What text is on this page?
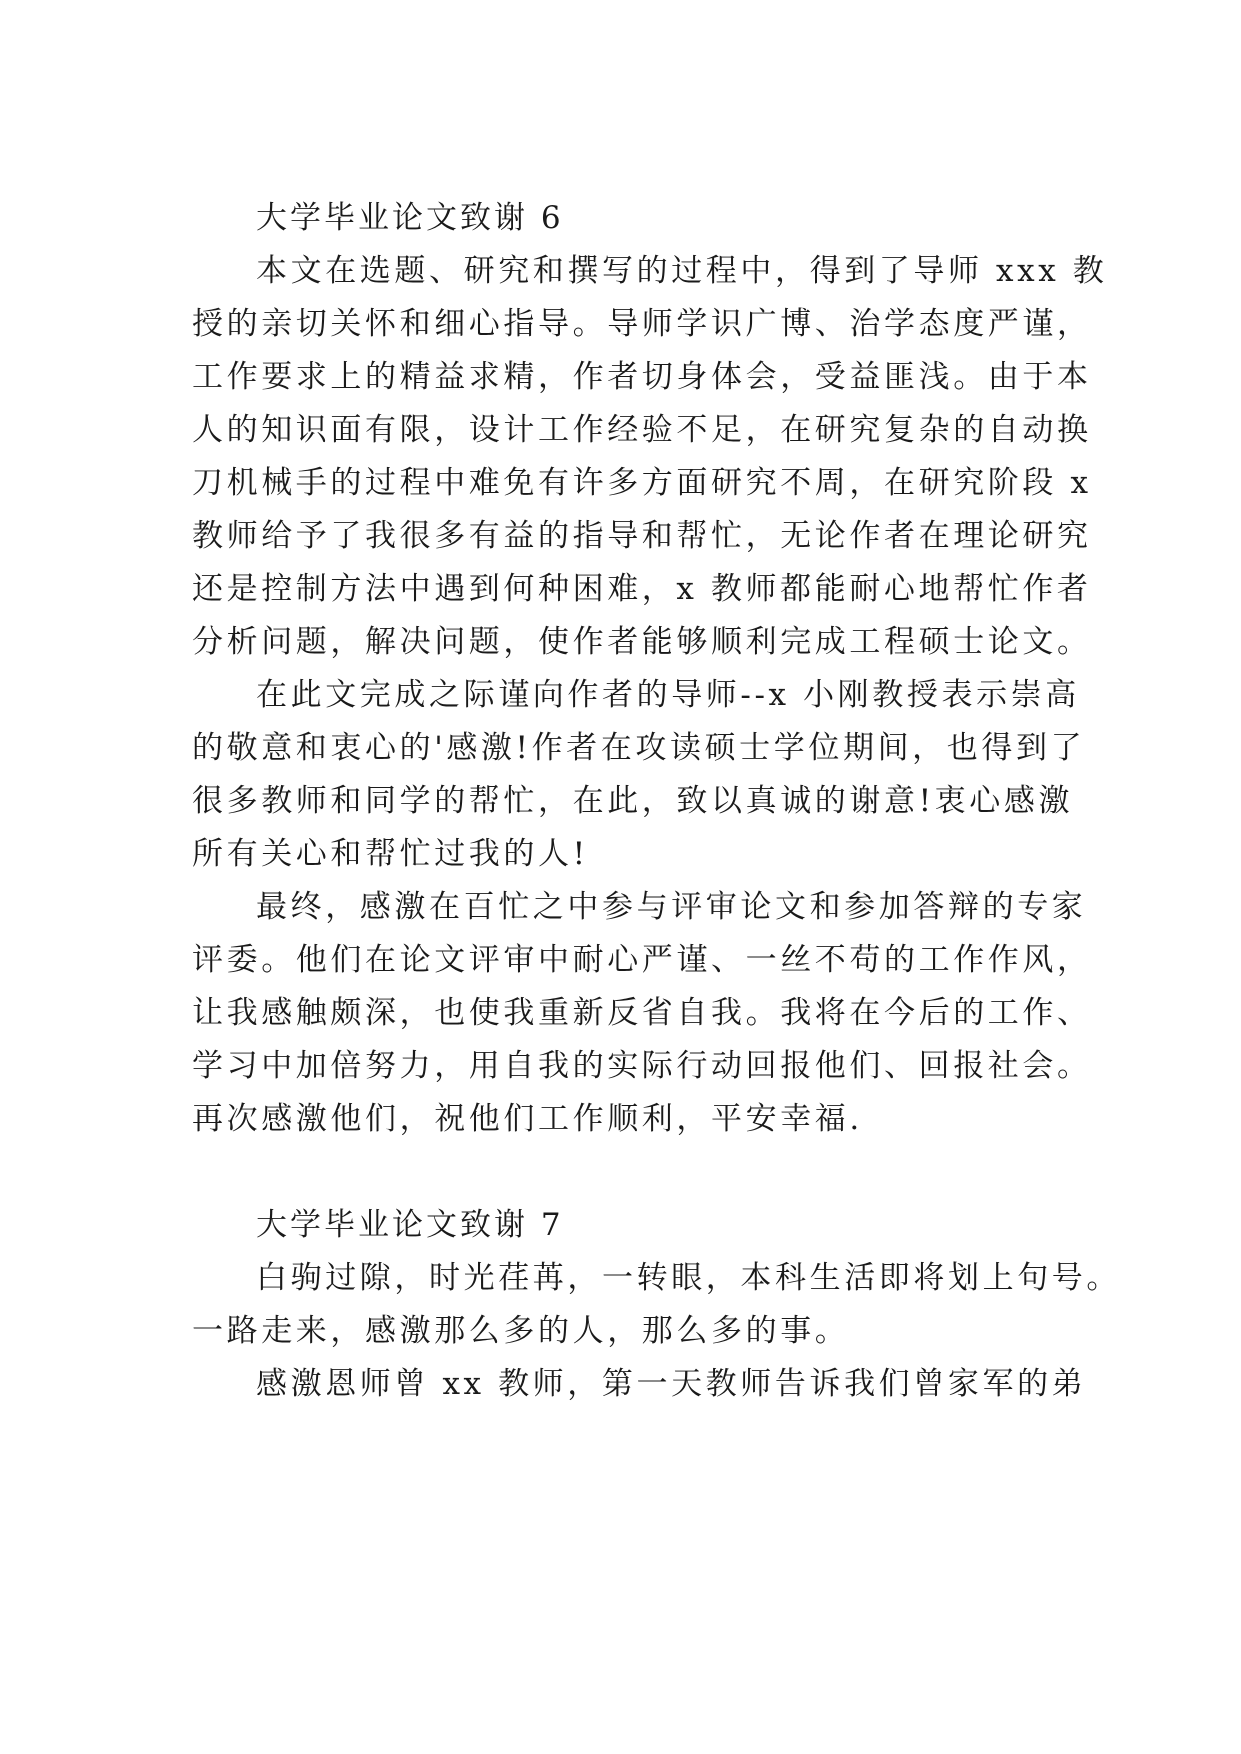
大学毕业论文致谢 6
本文在选题、研究和撰写的过程中，得到了导师 xxx 教
授的亲切关怀和细心指导。导师学识广博、治学态度严谨，
工作要求上的精益求精，作者切身体会，受益匪浅。由于本
人的知识面有限，设计工作经验不足，在研究复杂的自动换
刀机械手的过程中难免有许多方面研究不周，在研究阶段 x
教师给予了我很多有益的指导和帮忙，无论作者在理论研究
还是控制方法中遇到何种困难，x 教师都能耐心地帮忙作者
分析问题，解决问题，使作者能够顺利完成工程硕士论文。
在此文完成之际谨向作者的导师--x 小刚教授表示崇高
的敬意和衷心的'感激!作者在攻读硕士学位期间，也得到了
很多教师和同学的帮忙，在此，致以真诚的谢意!衷心感激
所有关心和帮忙过我的人!
最终，感激在百忙之中参与评审论文和参加答辩的专家
评委。他们在论文评审中耐心严谨、一丝不苟的工作作风，
让我感触颇深，也使我重新反省自我。我将在今后的工作、
学习中加倍努力，用自我的实际行动回报他们、回报社会。
再次感激他们，祝他们工作顺利，平安幸福.
大学毕业论文致谢 7
白驹过隙，时光荏苒，一转眼，本科生活即将划上句号。
一路走来，感激那么多的人，那么多的事。
感激恩师曾 xx 教师，第一天教师告诉我们曾家军的弟
